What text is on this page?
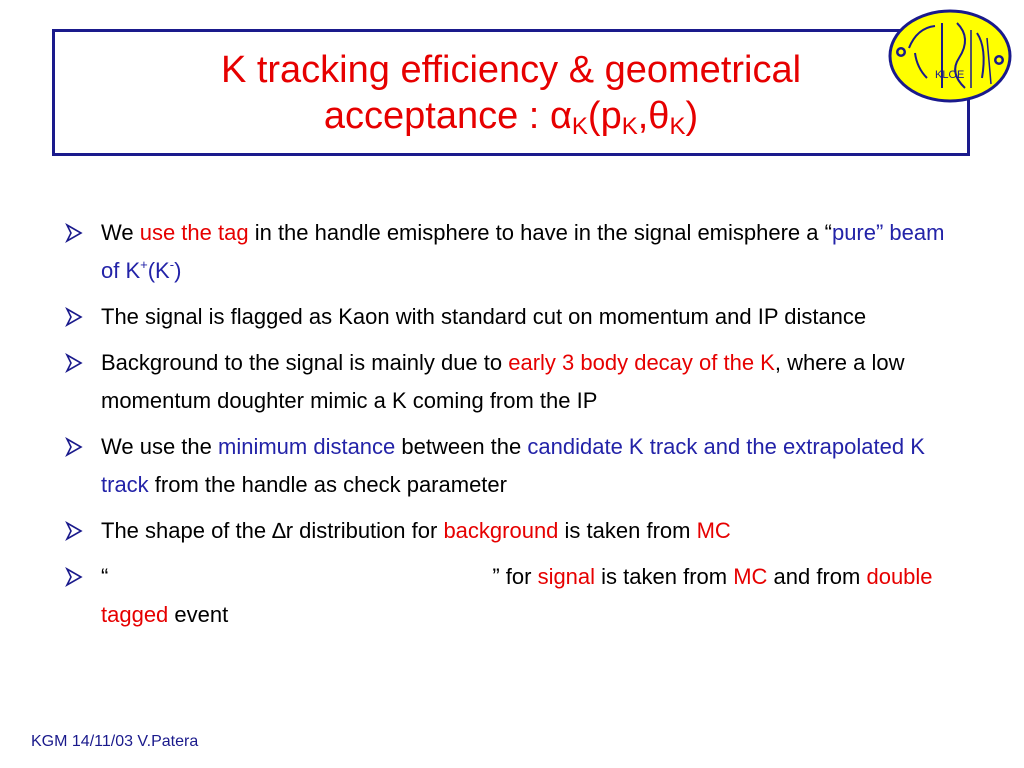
K tracking efficiency & geometrical
acceptance : $\alpha_K(p_K,\theta_K)$
KLOE
We use the tag in the handle emisphere to have in the signal emisphere a “pure” beam of K+(K-)
The signal is flagged as Kaon with standard cut on momentum and IP distance
Background to the signal is mainly due to early 3 body decay of the K, where a low momentum doughter mimic a K coming from the IP
We use the minimum distance between the candidate K track and the extrapolated K track from the handle as check parameter
The shape of the ∆r distribution for background is taken from MC
“	” for signal is taken from MC and from double tagged event
KGM 14/11/03 V.Patera
